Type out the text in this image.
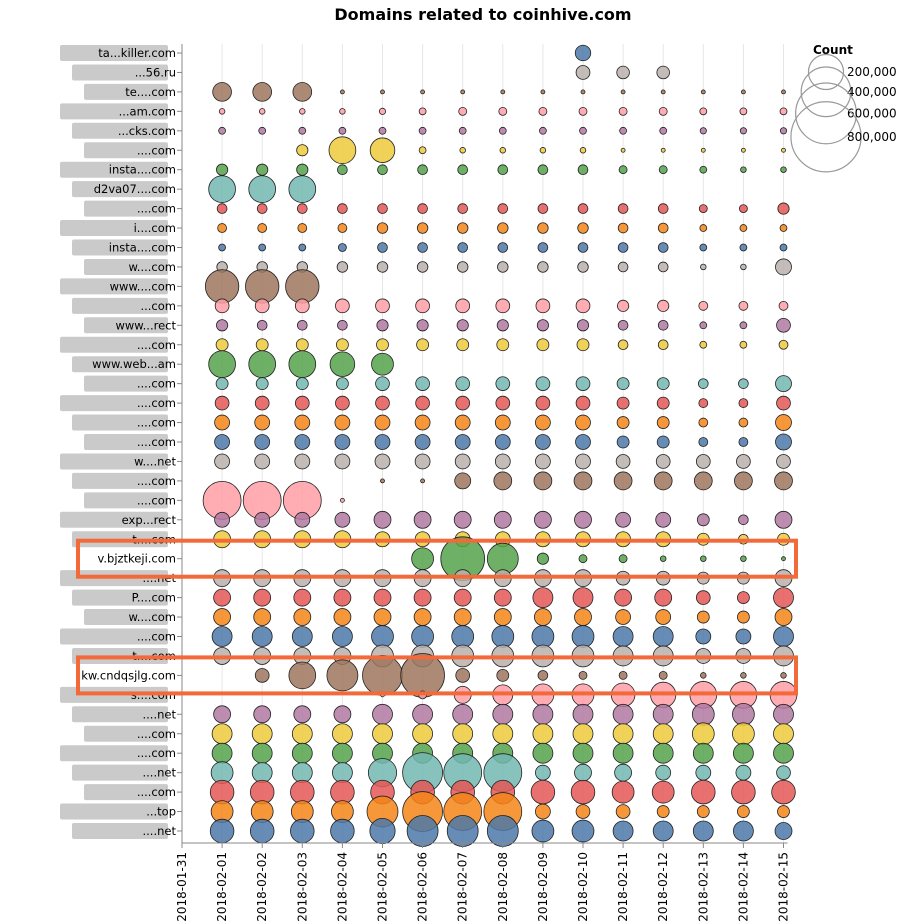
Domains related to coinhive.com
ta...killer.com
...56.ru
te....com
...am.com
...cks.com
....com
insta....com
d2va07....com
....com
i....com
insta....com
w....com
www....com
...com
www...rect
....com
www.web...am
....com
....com
....com
....com
w....net
....com
....com
exp...rect
t....com
v.bjztkeji.com
....net
P....com
w....com
....com
t....com
kw.cndqsjlg.com
s....com
....net
....com
....com
....net
....com
...top
....net
2018-01-31 2018-02-01 2018-02-02 2018-02-03 2018-02-04 2018-02-05 2018-02-06 2018-02-07 2018-02-08 2018-02-09 2018-02-10 2018-02-11 2018-02-12 2018-02-13 2018-02-14 2018-02-15
Count
200,000
400,000
600,000
800,000
